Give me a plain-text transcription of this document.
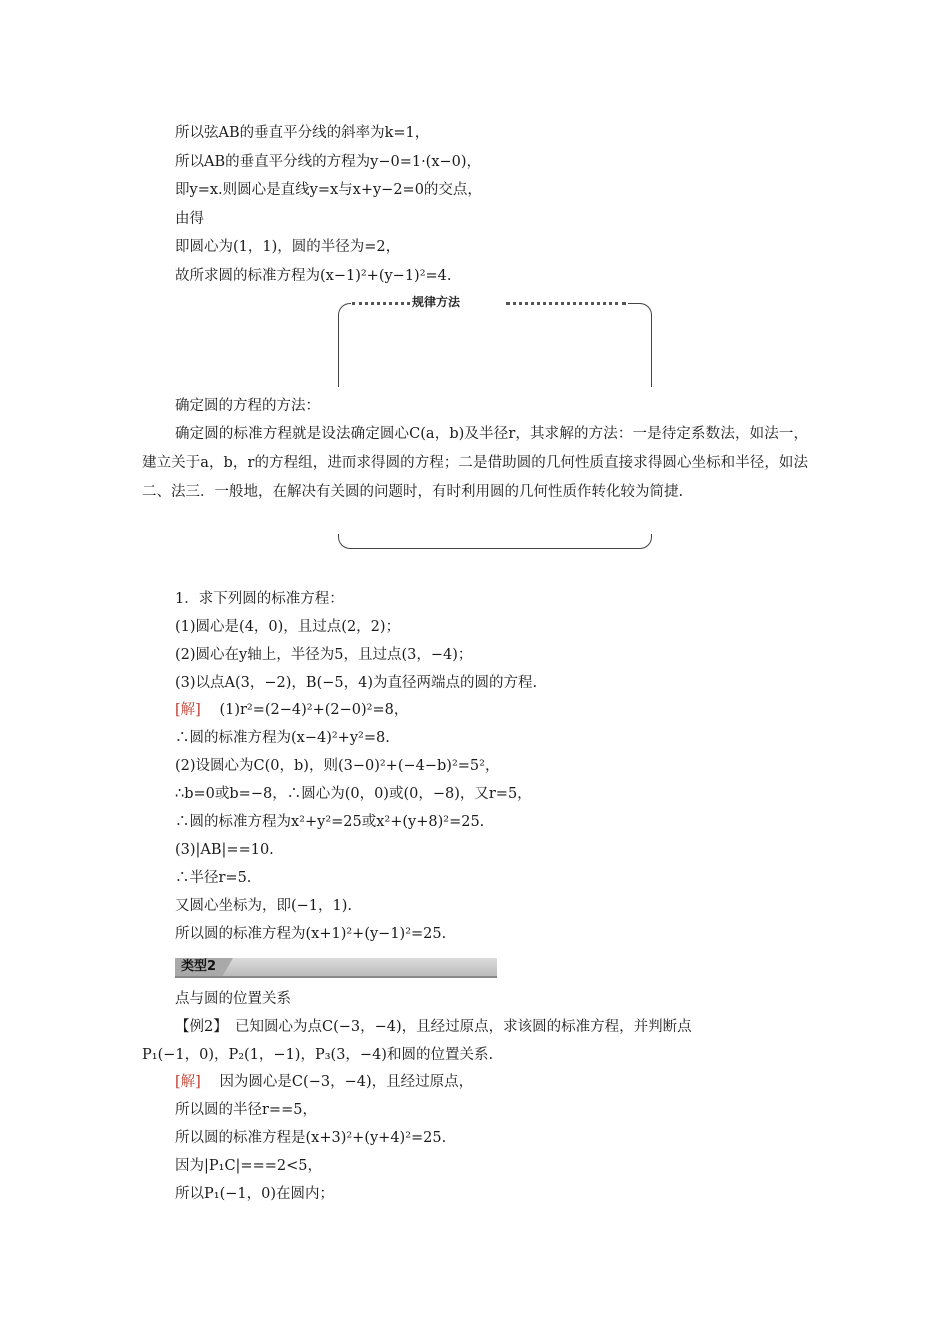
所以弦AB的垂直平分线的斜率为k=1，
所以AB的垂直平分线的方程为y−0=1·(x−0)，
即y=x.则圆心是直线y=x与x+y−2=0的交点，
由得
即圆心为(1，1)，圆的半径为=2，
故所求圆的标准方程为(x−1)²+(y−1)²=4.
规律方法
确定圆的方程的方法：
确定圆的标准方程就是设法确定圆心C(a，b)及半径r，其求解的方法：一是待定系数法，如法一，建立关于a，b，r的方程组，进而求得圆的方程；二是借助圆的几何性质直接求得圆心坐标和半径，如法二、法三．一般地，在解决有关圆的问题时，有时利用圆的几何性质作转化较为简捷.
1．求下列圆的标准方程：
(1)圆心是(4，0)，且过点(2，2)；
(2)圆心在y轴上，半径为5，且过点(3，−4)；
(3)以点A(3，−2)，B(−5，4)为直径两端点的圆的方程.
[解] (1)r²=(2−4)²+(2−0)²=8，
∴圆的标准方程为(x−4)²+y²=8.
(2)设圆心为C(0，b)，则(3−0)²+(−4−b)²=5²，
∴b=0或b=−8，∴圆心为(0，0)或(0，−8)，又r=5，
∴圆的标准方程为x²+y²=25或x²+(y+8)²=25.
(3)|AB|==10.
∴半径r=5.
又圆心坐标为，即(−1，1).
所以圆的标准方程为(x+1)²+(y−1)²=25.
类型2
点与圆的位置关系
【例2】　已知圆心为点C(−3，−4)，且经过原点，求该圆的标准方程，并判断点
P₁(−1，0)，P₂(1，−1)，P₃(3，−4)和圆的位置关系.
[解] 因为圆心是C(−3，−4)，且经过原点，
所以圆的半径r==5，
所以圆的标准方程是(x+3)²+(y+4)²=25.
因为|P₁C|===2<5，
所以P₁(−1，0)在圆内；
